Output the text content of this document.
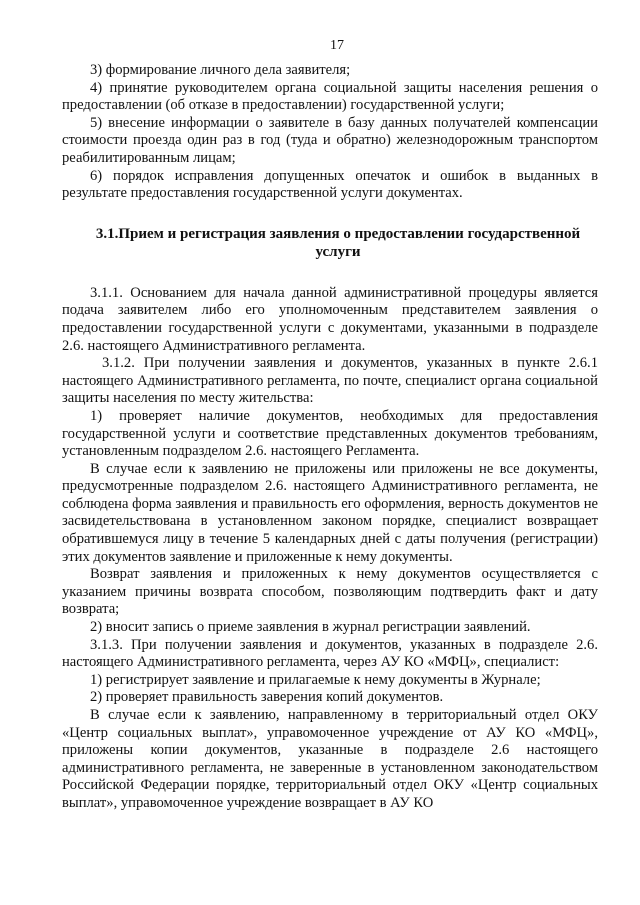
17

3) формирование личного дела заявителя;

4) принятие руководителем органа социальной защиты населения решения о предоставлении (об отказе в предоставлении) государственной услуги;

5) внесение информации о заявителе в базу данных получателей компенсации стоимости проезда один раз в год (туда и обратно) железнодорожным транспортом реабилитированным лицам;

6) порядок исправления допущенных опечаток и ошибок в выданных в результате предоставления государственной услуги документах.

3.1.Прием и регистрация заявления о предоставлении государственной услуги

3.1.1. Основанием для начала данной административной процедуры является подача заявителем либо его уполномоченным представителем заявления о предоставлении государственной услуги с документами, указанными в подразделе 2.6. настоящего Административного регламента.

3.1.2. При получении заявления и документов, указанных в пункте 2.6.1 настоящего Административного регламента, по почте, специалист органа социальной защиты населения по месту жительства:

1) проверяет наличие документов, необходимых для предоставления государственной услуги и соответствие представленных документов требованиям, установленным подразделом 2.6. настоящего Регламента.

В случае если к заявлению не приложены или приложены не все документы, предусмотренные подразделом 2.6. настоящего Административного регламента, не соблюдена форма заявления и правильность его оформления, верность документов не засвидетельствована в установленном законом порядке, специалист возвращает обратившемуся лицу в течение 5 календарных дней с даты получения (регистрации) этих документов заявление и приложенные к нему документы.

Возврат заявления и приложенных к нему документов осуществляется с указанием причины возврата способом, позволяющим подтвердить факт и дату возврата;

2) вносит запись о приеме заявления в журнал регистрации заявлений.

3.1.3. При получении заявления и документов, указанных в подразделе 2.6. настоящего Административного регламента, через АУ КО «МФЦ», специалист:

1) регистрирует заявление и прилагаемые к нему документы в Журнале;

2) проверяет правильность заверения копий документов.

В случае если к заявлению, направленному в территориальный отдел ОКУ «Центр социальных выплат», управомоченное учреждение от АУ КО «МФЦ», приложены копии документов, указанные в подразделе 2.6 настоящего административного регламента, не заверенные в установленном законодательством Российской Федерации порядке, территориальный отдел ОКУ «Центр социальных выплат», управомоченное учреждение возвращает в АУ КО
